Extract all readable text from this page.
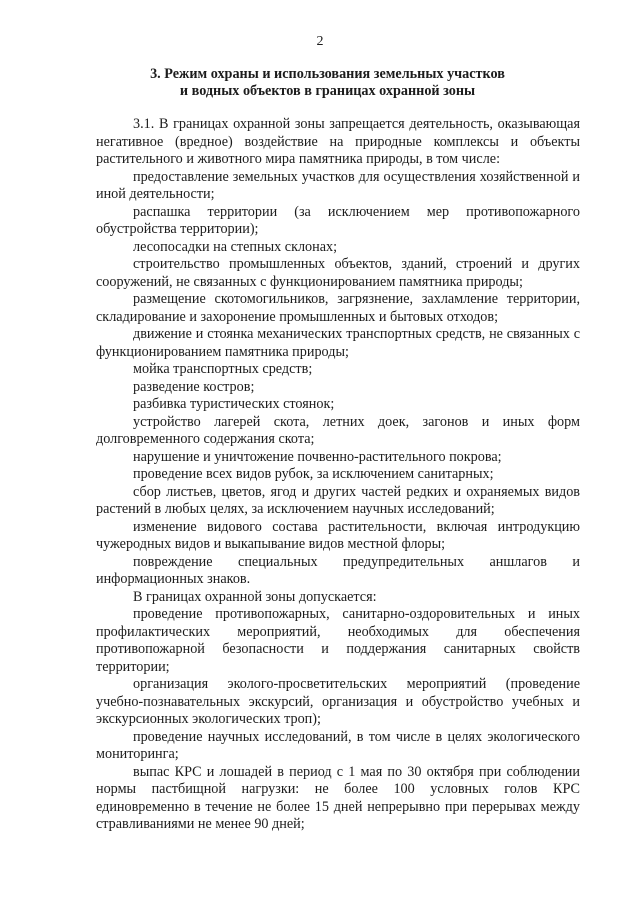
2
3. Режим охраны и использования земельных участков
и водных объектов в границах охранной зоны

3.1. В границах охранной зоны запрещается деятельность, оказывающая негативное (вредное) воздействие на природные комплексы и объекты растительного и животного мира памятника природы, в том числе:

предоставление земельных участков для осуществления хозяйственной и иной деятельности;

распашка территории (за исключением мер противопожарного обустройства территории);

лесопосадки на степных склонах;

строительство промышленных объектов, зданий, строений и других сооружений, не связанных с функционированием памятника природы;

размещение скотомогильников, загрязнение, захламление территории, складирование и захоронение промышленных и бытовых отходов;

движение и стоянка механических транспортных средств, не связанных с функционированием памятника природы;

мойка транспортных средств;

разведение костров;

разбивка туристических стоянок;

устройство лагерей скота, летних доек, загонов и иных форм долговременного содержания скота;

нарушение и уничтожение почвенно-растительного покрова;

проведение всех видов рубок, за исключением санитарных;

сбор листьев, цветов, ягод и других частей редких и охраняемых видов растений в любых целях, за исключением научных исследований;

изменение видового состава растительности, включая интродукцию чужеродных видов и выкапывание видов местной флоры;

повреждение специальных предупредительных аншлагов и информационных знаков.

В границах охранной зоны допускается:

проведение противопожарных, санитарно-оздоровительных и иных профилактических мероприятий, необходимых для обеспечения противопожарной безопасности и поддержания санитарных свойств территории;

организация эколого-просветительских мероприятий (проведение учебно-познавательных экскурсий, организация и обустройство учебных и экскурсионных экологических троп);

проведение научных исследований, в том числе в целях экологического мониторинга;

выпас КРС и лошадей в период с 1 мая по 30 октября при соблюдении нормы пастбищной нагрузки: не более 100 условных голов КРС единовременно в течение не более 15 дней непрерывно при перерывах между стравливаниями не менее 90 дней;
